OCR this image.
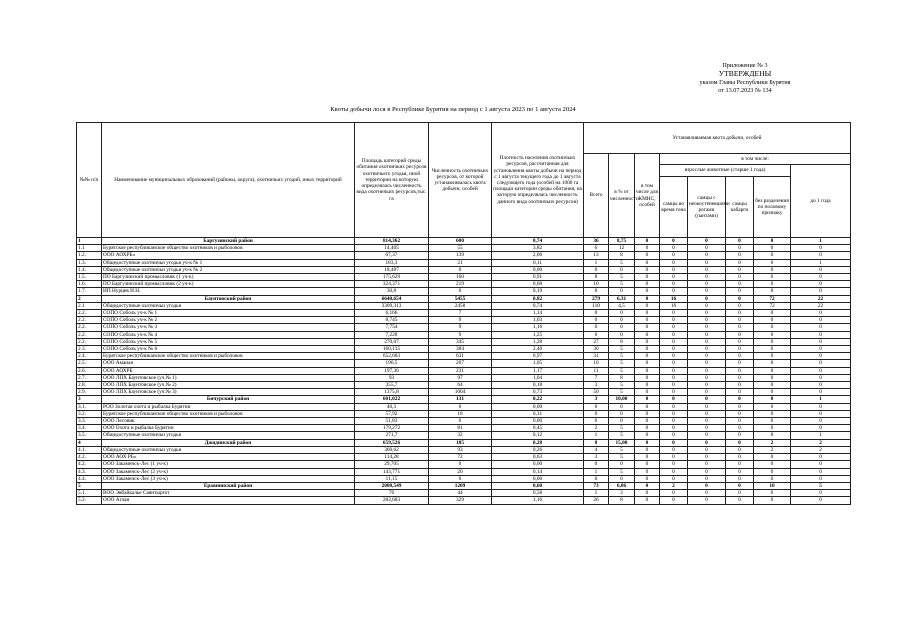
Приложение № 3
УТВЕРЖДЕНЫ
указом Главы Республики Бурятия
от 13.07.2023 № 134
Квоты добычи лося в Республике Бурятия на период с 1 августа 2023 по 1 августа 2024
№№ п/п	Наименование муниципальных образований (районы, округа), охотничьих угодий, иных территорий	Площадь категорий среды обитания охотничьих ресурсов охотничьего угодья, иной территории на которую определялась численность вида охотничьих ресурсов,тыс. га	Численность охотничьих ресурсов, от которой устанавливалась квота добычи, особей	Плотность населения охотничьих ресурсов, рассчитанная для установления квоты добычи на период с 1 августа текущего года до 1 августа следующего года (особей на 1000 га площади категории среды обитания, на которую определялась численность данного вида охотничьих ресурсов)	Устанавливаемая квота добычи, особей							
					Всего	в % от численности	в том числе для КМНС, особей	в том числе:				
								взрослые животные (старше 1 года)				до 1 года
								самцы во время гона	самцы с неокостеневшими рогами (пантами)	самцы кабарги	без разделения по половому признаку	
1	Баргузинский район	814,362	600	0,74	36	8,75	0	0	0	0	0	1
1.1	Бурятское республиканское общество охотников и рыболовов	14,405	55	3,82	6	12	0	0	0	0	0	0
1.2.	ООО АОХРБ»	67,37	139	2,06	13	8	0	0	0	0	0	0
1.3.	Общедоступные охотничьи угодья уч-к № 1	183,3	21	0,11	1	5	0	0	0	0	0	1
1.4.	Общедоступные охотничьи угодья уч-к № 2	18,487	0	0,00	0	0	0	0	0	0	0	0
1.5.	ПО Баргузинский промысловик (1 уч-к)	175,629	160	0,91	8	5	0	0	0	0	0	0
1.6.	ПО Баргузинский промысловик (2 уч-к)	324,371	219	0,68	10	5	0	0	0	0	0	0
1.7.	ИП Нурцев И.Н.	30,8	6	0,19	0	0	0	0	0	0	0	0
2	Баунтовский район	6640,654	5455	0,82	279	6,31	0	16	0	0	72	22
2.1	Общедоступные охотничьи угодья	3309,313	2458	0,74	110	4,5	0	16	0	0	72	22
2.2.	СОПО Соболь уч-к № 1	6,166	7	1,14	0	0	0	0	0	0	0	0
2.2.	СОПО Соболь уч-к № 2	8,745	9	1,03	0	0	0	0	0	0	0	0
2.2.	СОПО Соболь уч-к № 3	7,754	9	1,16	0	0	0	0	0	0	0	0
2.2.	СОПО Соболь уч-к № 4	7,228	9	1,25	0	0	0	0	0	0	0	0
2.2.	СОПО Соболь уч-к № 5	270,07	345	1,28	27	8	0	0	0	0	0	0
2.3.	СОПО Соболь уч-к № 6	160,135	384	2,40	30	5	0	0	0	0	0	0
2.4.	Бурятское республиканское общество охотников и рыболовов	652,683	631	0,97	31	5	0	0	0	0	0	0
2.5.	ООО Аманан	196,5	207	1,05	10	5	0	0	0	0	0	0
2.6.	ООО АОХРБ	197,36	231	1,17	11	5	0	0	0	0	0	0
2.7.	ООО ЛПХ Баунтовское (уч.№ 1)	93	97	1,04	7	8	0	0	0	0	0	0
2.8.	ООО ЛПХ Баунтовское (уч.№ 2)	355,7	64	0,18	3	5	0	0	0	0	0	0
2.9.	ООО ЛПХ Баунтовское (уч.№ 3)	1375,8	1004	0,73	50	5	0	0	0	0	0	0
3	Бичурский район	601,022	131	0,22	3	10,00	0	0	0	0	0	1
3.1.	РОО Золотая охота и рыбалка Бурятии	40,3	0	0,00	0	0	0	0	0	0	0	0
3.2.	Бурятское республиканское общество охотников и рыболовов	57,92	18	0,31	0	0	0	0	0	0	0	0
3.3.	ООО Лесовик	51,83	0	0,00	0	0	0	0	0	0	0	0
3.4.	ООО Охота и рыбалка Бурятии	179,272	81	0,45	2	5	0	0	0	0	0	0
3.5.	Общедоступные охотничьи угодья	271,7	32	0,12	1	5	0	0	0	0	0	1
4	Джидинский район	659,526	185	0,28	8	15,00	0	0	0	0	2	2
4.1.	Общедоступные охотничьи угодья	360,62	93	0,26	4	5	0	0	0	0	2	2
4.2.	ООО АОХ РБ»	114,28	72	0,63	3	5	0	0	0	0	0	0
4.2.	ООО Закаменск-Лес (1 уч-к)	29,705	0	0,00	0	0	0	0	0	0	0	0
4.3.	ООО Закаменск-Лес (2 уч-к)	143,771	20	0,14	1	5	0	0	0	0	0	0
4.4.	ООО Закаменск-Лес (3 уч-к)	11,15	0	0,00	0	0	0	0	0	0	0	0
5	Еравнинский район	2008,549	1209	0,60	73	6,86	0	2	0	0	10	5
5.1.	ВОО Эвбайкалье Саянтыргот	76	44	0,58	1	3	0	0	0	0	0	0
5.2.	ООО Аглан	282,683	329	1,16	26	8	0	0	0	0	0	0
